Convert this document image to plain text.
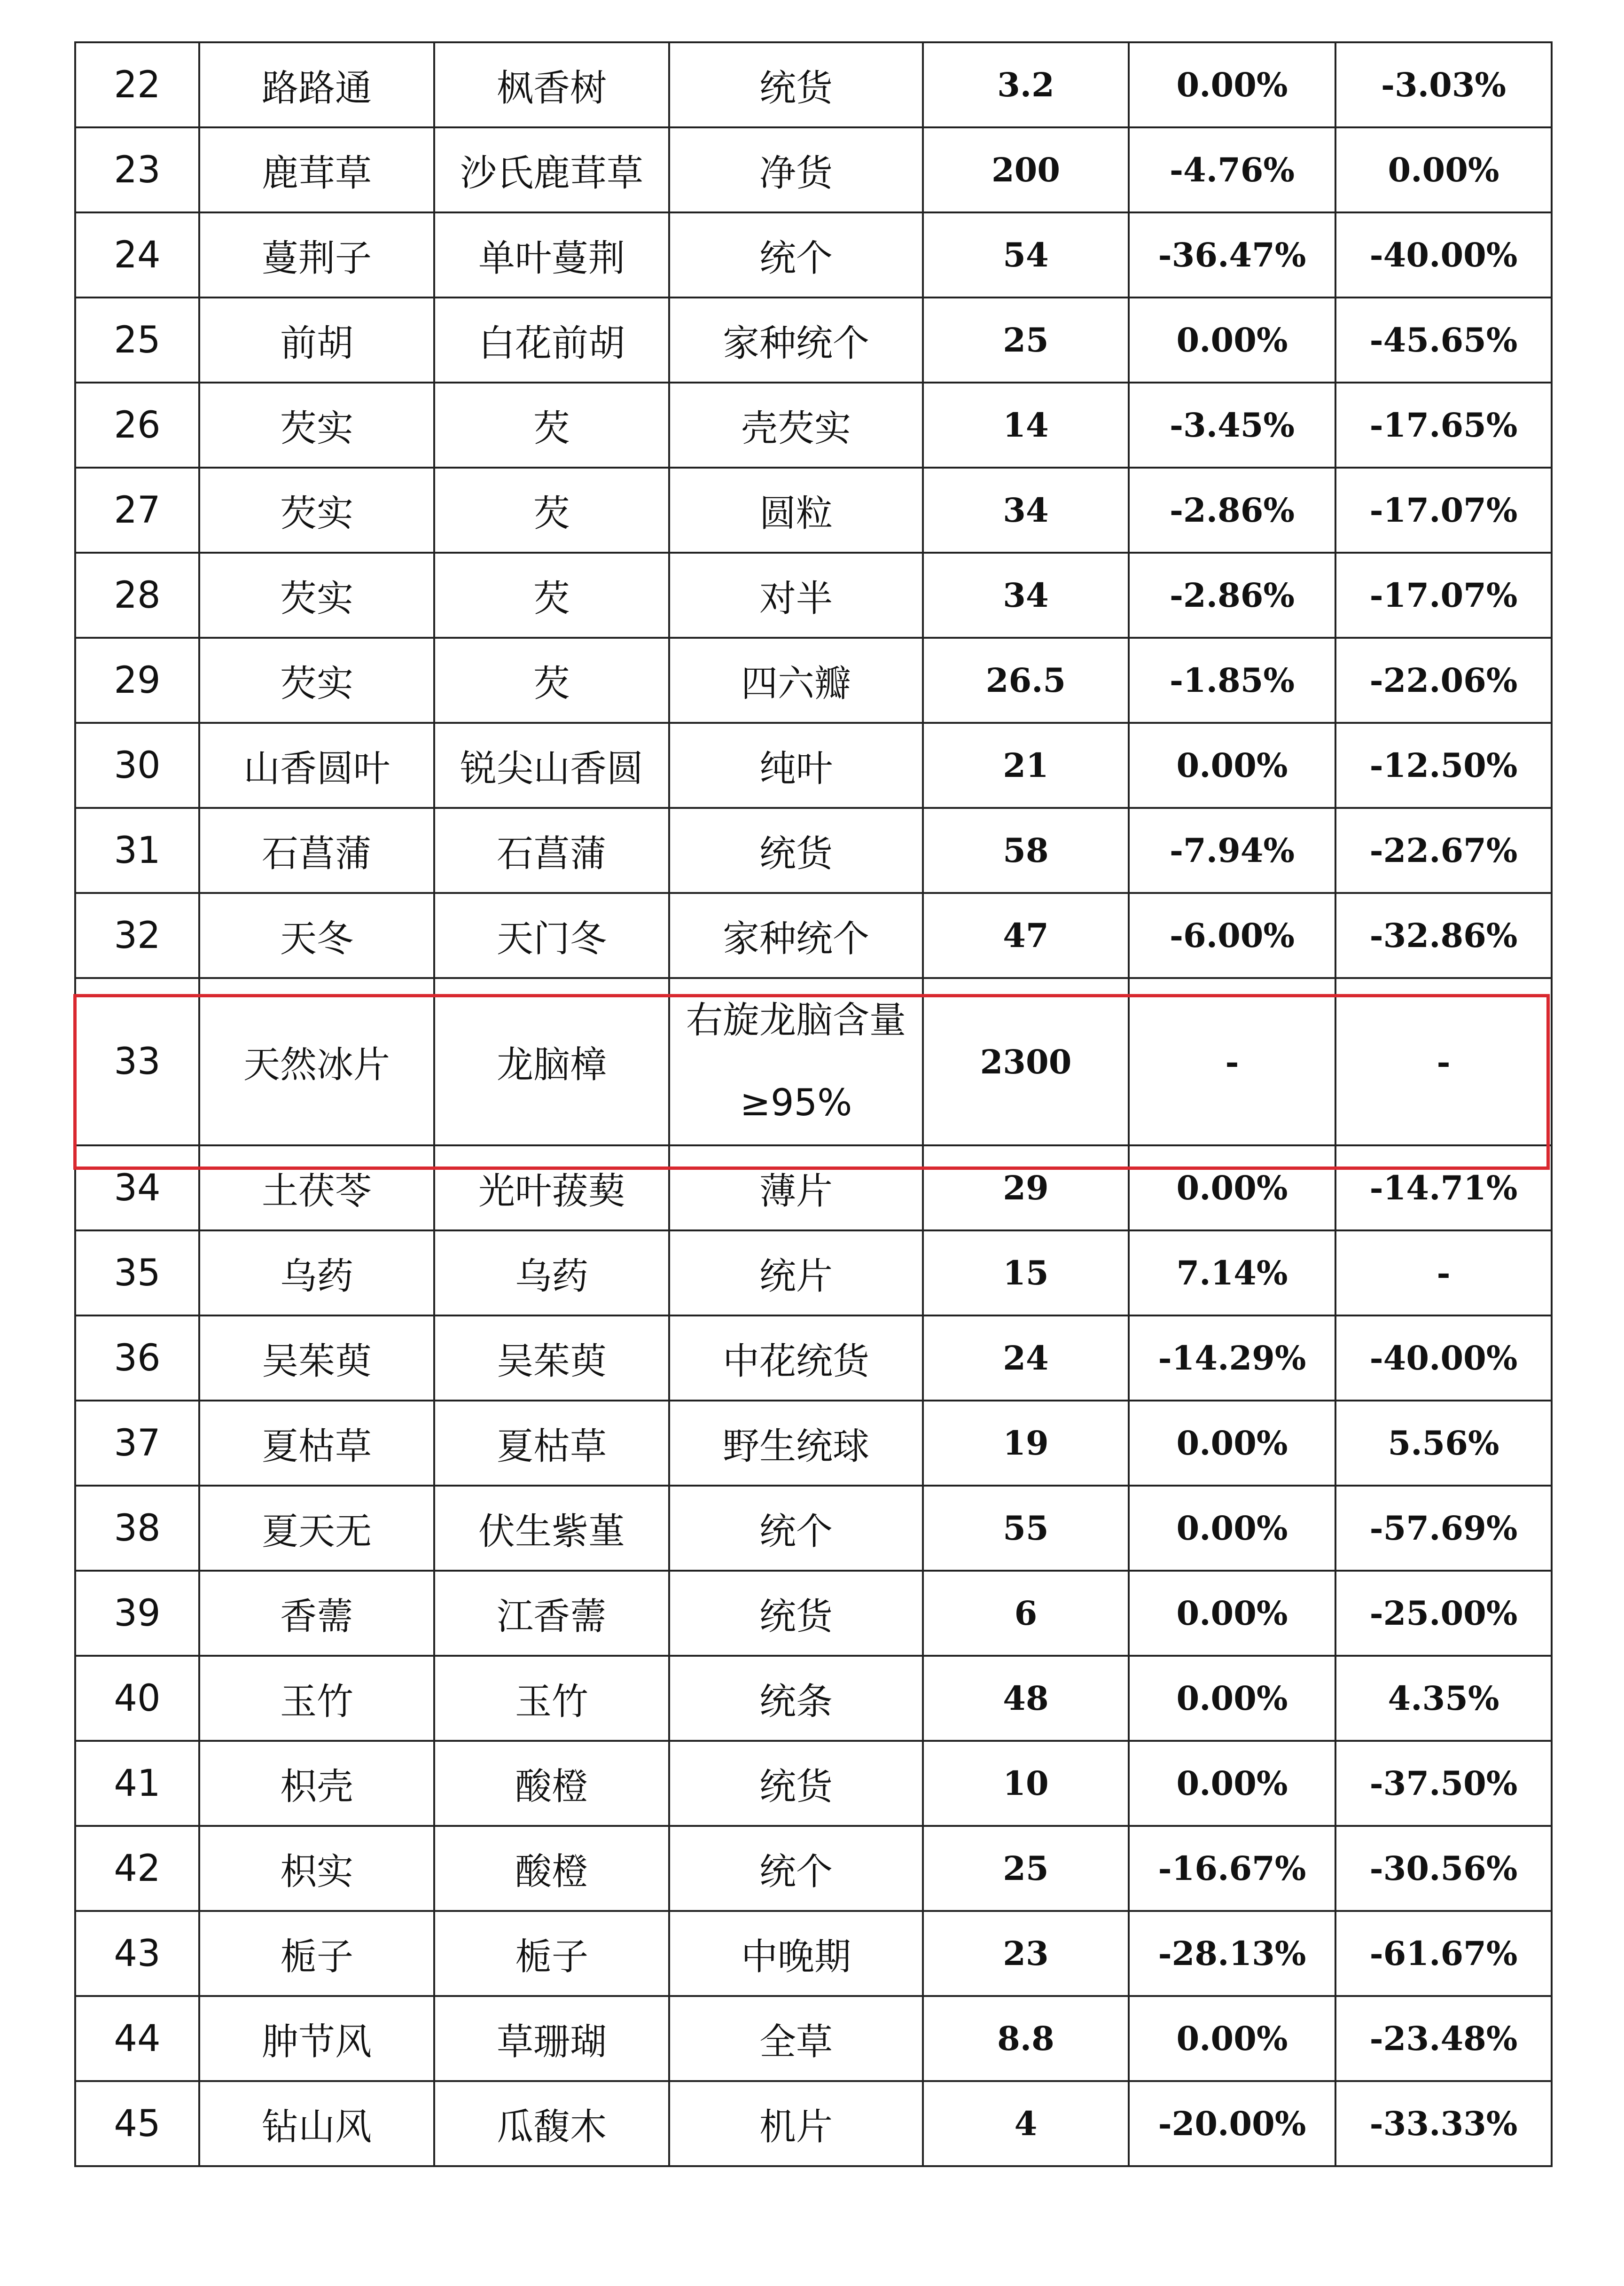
22	路路通	枫香树	统货	3.2	0.00%	-3.03%
23	鹿茸草	沙氏鹿茸草	净货	200	-4.76%	0.00%
24	蔓荆子	单叶蔓荆	统个	54	-36.47%	-40.00%
25	前胡	白花前胡	家种统个	25	0.00%	-45.65%
26	芡实	芡	壳芡实	14	-3.45%	-17.65%
27	芡实	芡	圆粒	34	-2.86%	-17.07%
28	芡实	芡	对半	34	-2.86%	-17.07%
29	芡实	芡	四六瓣	26.5	-1.85%	-22.06%
30	山香圆叶	锐尖山香圆	纯叶	21	0.00%	-12.50%
31	石菖蒲	石菖蒲	统货	58	-7.94%	-22.67%
32	天冬	天门冬	家种统个	47	-6.00%	-32.86%
33	天然冰片	龙脑樟	右旋龙脑含量≥95%	2300	-	-
34	土茯苓	光叶菝葜	薄片	29	0.00%	-14.71%
35	乌药	乌药	统片	15	7.14%	-
36	吴茱萸	吴茱萸	中花统货	24	-14.29%	-40.00%
37	夏枯草	夏枯草	野生统球	19	0.00%	5.56%
38	夏天无	伏生紫堇	统个	55	0.00%	-57.69%
39	香薷	江香薷	统货	6	0.00%	-25.00%
40	玉竹	玉竹	统条	48	0.00%	4.35%
41	枳壳	酸橙	统货	10	0.00%	-37.50%
42	枳实	酸橙	统个	25	-16.67%	-30.56%
43	栀子	栀子	中晚期	23	-28.13%	-61.67%
44	肿节风	草珊瑚	全草	8.8	0.00%	-23.48%
45	钻山风	瓜馥木	机片	4	-20.00%	-33.33%
